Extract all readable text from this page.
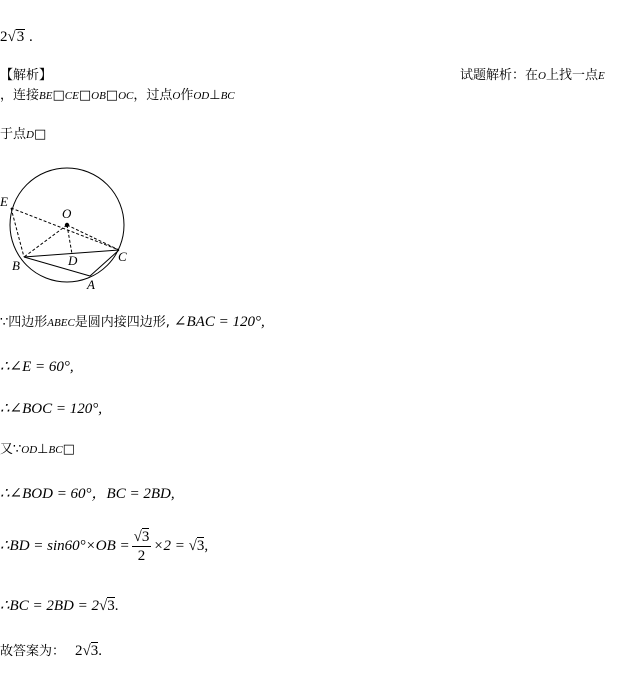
2√3 .
【解析】	试题解析：在O上找一点E
，连接BE□CE□OB□OC，过点O作OD⊥BC
于点D□
E
O
B	D	C
A
∵四边形ABEC是圆内接四边形, ∠BAC = 120°,
∴∠E = 60°,
∴∠BOC = 120°,
又∵OD⊥BC□
∴∠BOD = 60°，BC = 2BD,
∴BD = $\sin 60^\circ\times OB = \frac{√3}{2} \times 2 = √3$,
∴BC = 2BD = 2√3.
故答案为： 2√3.
